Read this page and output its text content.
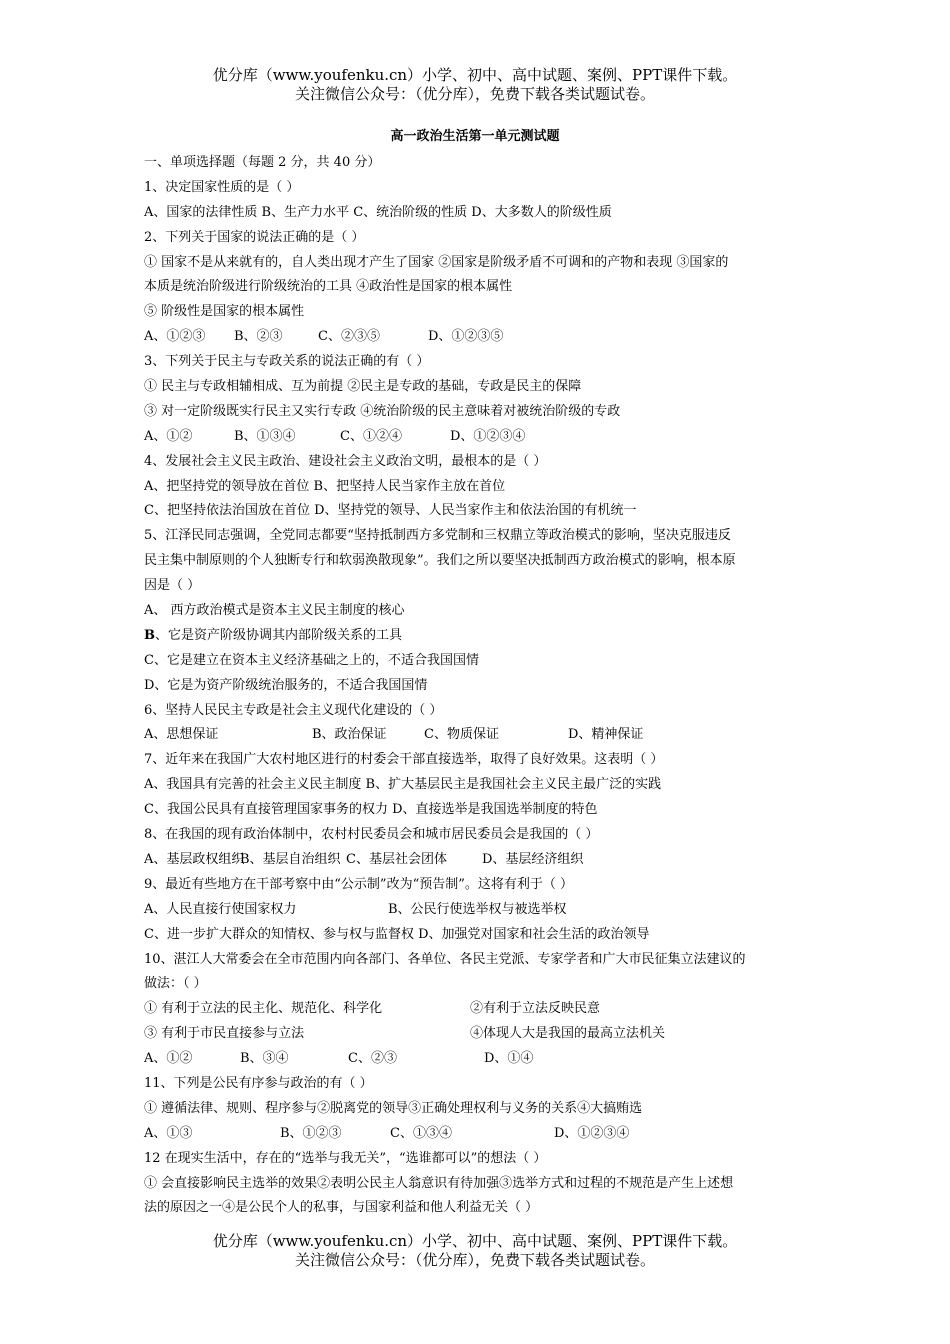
优分库（www.youfenku.cn）小学、初中、高中试题、案例、PPT课件下载。
关注微信公众号：（优分库），免费下载各类试题试卷。
高一政治生活第一单元测试题
一、单项选择题（每题 2 分，共 40 分）
1、决定国家性质的是（ ）
A、国家的法律性质 B、生产力水平 C、统治阶级的性质 D、大多数人的阶级性质
2、下列关于国家的说法正确的是（ ）
① 国家不是从来就有的，自人类出现才产生了国家 ②国家是阶级矛盾不可调和的产物和表现 ③国家的
本质是统治阶级进行阶级统治的工具 ④政治性是国家的根本属性
⑤ 阶级性是国家的根本属性
A、①②③ B、②③	C、②③⑤	D、①②③⑤
3、下列关于民主与专政关系的说法正确的有（ ）
① 民主与专政相辅相成、互为前提 ②民主是专政的基础，专政是民主的保障
③ 对一定阶级既实行民主又实行专政 ④统治阶级的民主意味着对被统治阶级的专政
A、①②	B、①③④	C、①②④	D、①②③④
4、发展社会主义民主政治、建设社会主义政治文明，最根本的是（ ）
A、把坚持党的领导放在首位 B、把坚持人民当家作主放在首位
C、把坚持依法治国放在首位 D、坚持党的领导、人民当家作主和依法治国的有机统一
5、江泽民同志强调，全党同志都要“坚持抵制西方多党制和三权鼎立等政治模式的影响，坚决克服违反
民主集中制原则的个人独断专行和软弱涣散现象”。我们之所以要坚决抵制西方政治模式的影响，根本原
因是（ ）
A、 西方政治模式是资本主义民主制度的核心
B、它是资产阶级协调其内部阶级关系的工具
C、它是建立在资本主义经济基础之上的，不适合我国国情
D、它是为资产阶级统治服务的，不适合我国国情
6、坚持人民民主专政是社会主义现代化建设的（ ）
A、思想保证	B、政治保证	C、物质保证	D、精神保证
7、近年来在我国广大农村地区进行的村委会干部直接选举，取得了良好效果。这表明（ ）
A、我国具有完善的社会主义民主制度 B、扩大基层民主是我国社会主义民主最广泛的实践
C、我国公民具有直接管理国家事务的权力 D、直接选举是我国选举制度的特色
8、在我国的现有政治体制中，农村村民委员会和城市居民委员会是我国的（ ）
A、基层政权组织B、基层自治组织 C、基层社会团体	D、基层经济组织
9、最近有些地方在干部考察中由“公示制”改为“预告制”。这将有利于（ ）
A、人民直接行使国家权力	B、公民行使选举权与被选举权
C、进一步扩大群众的知情权、参与权与监督权 D、加强党对国家和社会生活的政治领导
10、湛江人大常委会在全市范围内向各部门、各单位、各民主党派、专家学者和广大市民征集立法建议的
做法：（ ）
① 有利于立法的民主化、规范化、科学化	②有利于立法反映民意
③ 有利于市民直接参与立法	④体现人大是我国的最高立法机关
A、①②	B、③④	C、②③	D、①④
11、下列是公民有序参与政治的有（ ）
① 遵循法律、规则、程序参与②脱离党的领导③正确处理权利与义务的关系④大搞贿选
A、①③	B、①②③	C、①③④	D、①②③④
12 在现实生活中，存在的“选举与我无关”，“选谁都可以”的想法（ ）
① 会直接影响民主选举的效果②表明公民主人翁意识有待加强③选举方式和过程的不规范是产生上述想
法的原因之一④是公民个人的私事，与国家利益和他人利益无关（ ）
优分库（www.youfenku.cn）小学、初中、高中试题、案例、PPT课件下载。
关注微信公众号：（优分库），免费下载各类试题试卷。
